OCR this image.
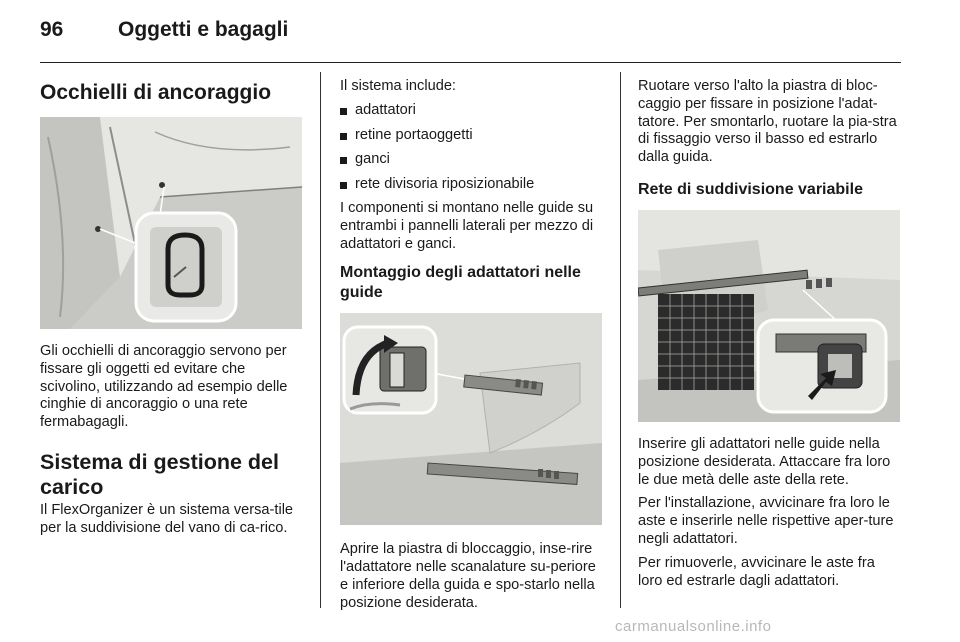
96	Oggetti e bagagli
Occhielli di ancoraggio

Gli occhielli di ancoraggio servono per fissare gli oggetti ed evitare che scivolino, utilizzando ad esempio delle cinghie di ancoraggio o una rete fermabagagli.

Sistema di gestione del
carico

Il FlexOrganizer è un sistema versa-tile per la suddivisione del vano di ca-rico.

Il sistema include:

adattatori
retine portaoggetti
ganci
rete divisoria riposizionabile

I componenti si montano nelle guide su entrambi i pannelli laterali per mezzo di adattatori e ganci.

Montaggio degli adattatori nelle guide

Aprire la piastra di bloccaggio, inse-rire l'adattatore nelle scanalature su-periore e inferiore della guida e spo-starlo nella posizione desiderata.

Ruotare verso l'alto la piastra di bloc-caggio per fissare in posizione l'adat-tatore. Per smontarlo, ruotare la pia-stra di fissaggio verso il basso ed estrarlo dalla guida.

Rete di suddivisione variabile

Inserire gli adattatori nelle guide nella posizione desiderata. Attaccare fra loro le due metà delle aste della rete.

Per l'installazione, avvicinare fra loro le aste e inserirle nelle rispettive aper-ture negli adattatori.

Per rimuoverle, avvicinare le aste fra loro ed estrarle dagli adattatori.

carmanualsonline.info
